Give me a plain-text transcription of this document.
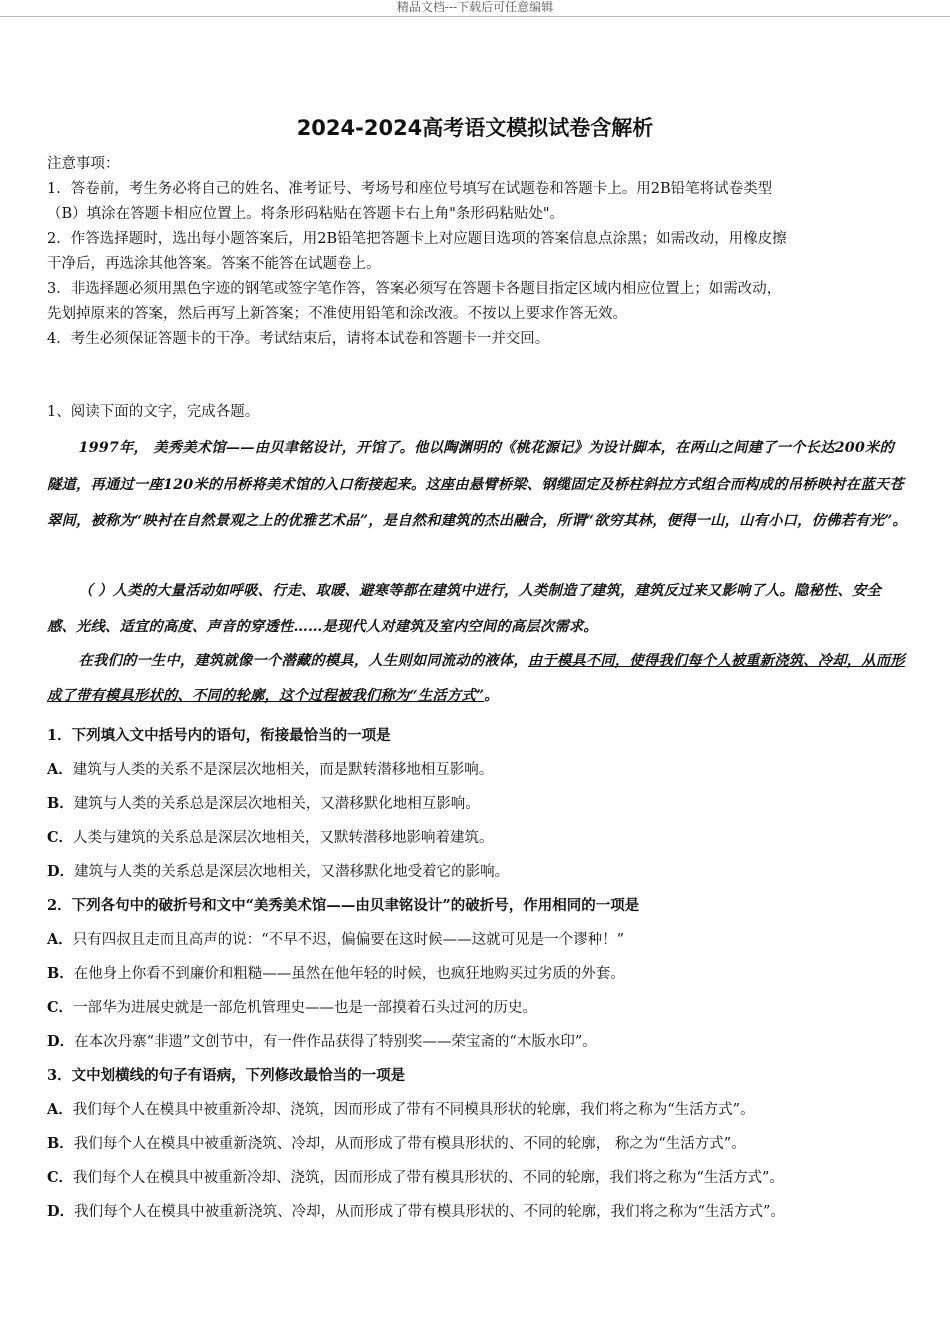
精品文档---下载后可任意编辑
2024-2024高考语文模拟试卷含解析

注意事项：

1．答卷前，考生务必将自己的姓名、准考证号、考场号和座位号填写在试题卷和答题卡上。用2B铅笔将试卷类型

（B）填涂在答题卡相应位置上。将条形码粘贴在答题卡右上角"条形码粘贴处"。

2．作答选择题时，选出每小题答案后，用2B铅笔把答题卡上对应题目选项的答案信息点涂黑；如需改动，用橡皮擦

干净后，再选涂其他答案。答案不能答在试题卷上。

3．非选择题必须用黑色字迹的钢笔或签字笔作答，答案必须写在答题卡各题目指定区域内相应位置上；如需改动，

先划掉原来的答案，然后再写上新答案；不准使用铅笔和涂改液。不按以上要求作答无效。

4．考生必须保证答题卡的干净。考试结束后，请将本试卷和答题卡一并交回。

1、阅读下面的文字，完成各题。

1997年， 美秀美术馆——由贝聿铭设计，开馆了。他以陶渊明的《桃花源记》为设计脚本，在两山之间建了一个长达200米的隧道，再通过一座120米的吊桥将美术馆的入口衔接起来。这座由悬臂桥梁、钢缆固定及桥柱斜拉方式组合而构成的吊桥映衬在蓝天苍翠间，被称为“映衬在自然景观之上的优雅艺术品”，是自然和建筑的杰出融合，所谓“欲穷其林，便得一山，山有小口，仿佛若有光”。

（ ）人类的大量活动如呼吸、行走、取暖、避寒等都在建筑中进行，人类制造了建筑，建筑反过来又影响了人。隐秘性、安全感、光线、适宜的高度、声音的穿透性……是现代人对建筑及室内空间的高层次需求。

在我们的一生中，建筑就像一个潜藏的模具，人生则如同流动的液体，由于模具不同，使得我们每个人被重新浇筑、冷却，从而形成了带有模具形状的、不同的轮廓，这个过程被我们称为“生活方式”。

1．下列填入文中括号内的语句，衔接最恰当的一项是

A．建筑与人类的关系不是深层次地相关，而是默转潜移地相互影响。

B．建筑与人类的关系总是深层次地相关，又潜移默化地相互影响。

C．人类与建筑的关系总是深层次地相关，又默转潜移地影响着建筑。

D．建筑与人类的关系总是深层次地相关，又潜移默化地受着它的影响。

2．下列各句中的破折号和文中“美秀美术馆——由贝聿铭设计”的破折号，作用相同的一项是

A．只有四叔且走而且高声的说：“不早不迟，偏偏要在这时候——这就可见是一个谬种！”

B．在他身上你看不到廉价和粗糙——虽然在他年轻的时候，也疯狂地购买过劣质的外套。

C．一部华为进展史就是一部危机管理史——也是一部摸着石头过河的历史。

D．在本次丹寨“非遗”文创节中，有一件作品获得了特别奖——荣宝斋的“木版水印”。

3．文中划横线的句子有语病，下列修改最恰当的一项是

A．我们每个人在模具中被重新冷却、浇筑，因而形成了带有不同模具形状的轮廓，我们将之称为“生活方式”。

B．我们每个人在模具中被重新浇筑、冷却，从而形成了带有模具形状的、不同的轮廓， 称之为“生活方式”。

C．我们每个人在模具中被重新冷却、浇筑，因而形成了带有模具形状的、不同的轮廓，我们将之称为“生活方式”。

D．我们每个人在模具中被重新浇筑、冷却，从而形成了带有模具形状的、不同的轮廓，我们将之称为“生活方式”。
